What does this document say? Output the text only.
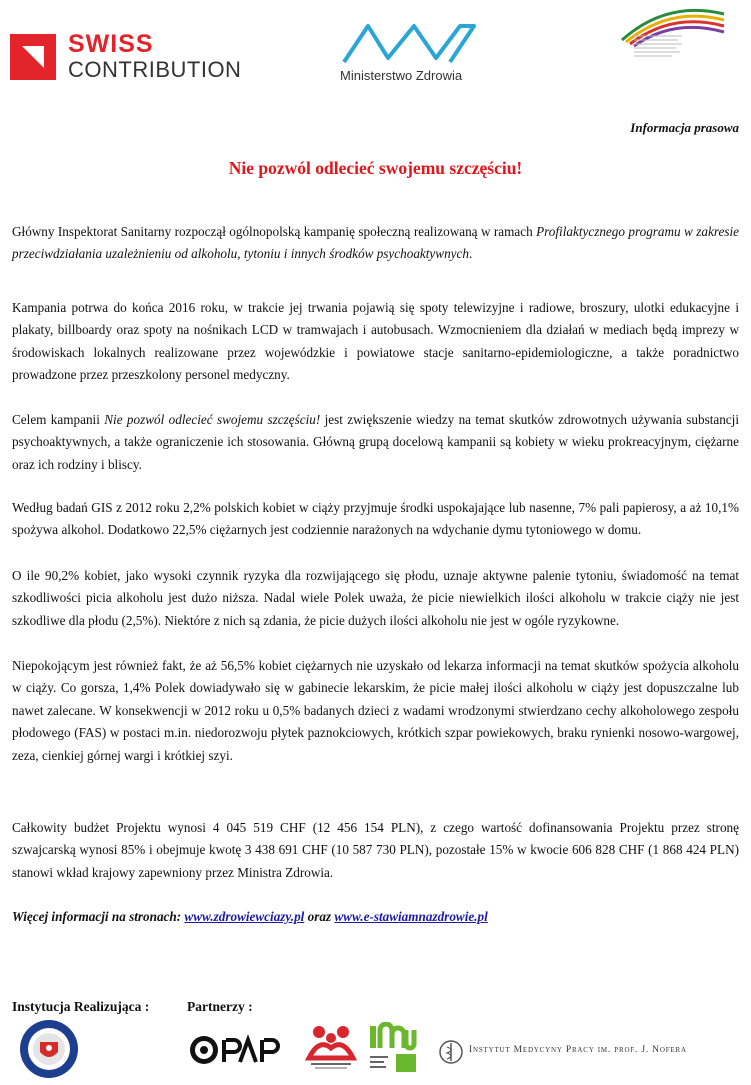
SWISS
CONTRIBUTION	Ministerstwo Zdrowia
Informacja prasowa
Nie pozwól odlecieć swojemu szczęściu!
Główny Inspektorat Sanitarny rozpoczął ogólnopolską kampanię społeczną realizowaną w ramach Profilaktycznego programu w zakresie przeciwdziałania uzależnieniu od alkoholu, tytoniu i innych środków psychoaktywnych.
Kampania potrwa do końca 2016 roku, w trakcie jej trwania pojawią się spoty telewizyjne i radiowe, broszury, ulotki edukacyjne i plakaty, billboardy oraz spoty na nośnikach LCD w tramwajach i autobusach. Wzmocnieniem dla działań w mediach będą imprezy w środowiskach lokalnych realizowane przez wojewódzkie i powiatowe stacje sanitarno-epidemiologiczne, a także poradnictwo prowadzone przez przeszkolony personel medyczny.
Celem kampanii Nie pozwól odlecieć swojemu szczęściu! jest zwiększenie wiedzy na temat skutków zdrowotnych używania substancji psychoaktywnych, a także ograniczenie ich stosowania. Główną grupą docelową kampanii są kobiety w wieku prokreacyjnym, ciężarne oraz ich rodziny i bliscy.
Według badań GIS z 2012 roku 2,2% polskich kobiet w ciąży przyjmuje środki uspokajające lub nasenne, 7% pali papierosy, a aż 10,1% spożywa alkohol. Dodatkowo 22,5% ciężarnych jest codziennie narażonych na wdychanie dymu tytoniowego w domu.
O ile 90,2% kobiet, jako wysoki czynnik ryzyka dla rozwijającego się płodu, uznaje aktywne palenie tytoniu, świadomość na temat szkodliwości picia alkoholu jest dużo niższa. Nadal wiele Polek uważa, że picie niewielkich ilości alkoholu w trakcie ciąży nie jest szkodliwe dla płodu (2,5%). Niektóre z nich są zdania, że picie dużych ilości alkoholu nie jest w ogóle ryzykowne.
Niepokojącym jest również fakt, że aż 56,5% kobiet ciężarnych nie uzyskało od lekarza informacji na temat skutków spożycia alkoholu w ciąży. Co gorsza, 1,4% Polek dowiadywało się w gabinecie lekarskim, że picie małej ilości alkoholu w ciąży jest dopuszczalne lub nawet zalecane. W konsekwencji w 2012 roku u 0,5% badanych dzieci z wadami wrodzonymi stwierdzano cechy alkoholowego zespołu płodowego (FAS) w postaci m.in. niedorozwoju płytek paznokciowych, krótkich szpar powiekowych, braku rynienki nosowo-wargowej, zeza, cienkiej górnej wargi i krótkiej szyi.
Całkowity budżet Projektu wynosi 4 045 519 CHF (12 456 154 PLN), z czego wartość dofinansowania Projektu przez stronę szwajcarską wynosi 85% i obejmuje kwotę 3 438 691 CHF (10 587 730 PLN), pozostałe 15% w kwocie 606 828 CHF (1 868 424 PLN) stanowi wkład krajowy zapewniony przez Ministra Zdrowia.
Więcej informacji na stronach: www.zdrowiewciazy.pl oraz www.e-stawiamnazdrowie.pl
Instytucja Realizująca :	Partnerzy :
Instytut Medycyny Pracy im. prof. J. Nofera
